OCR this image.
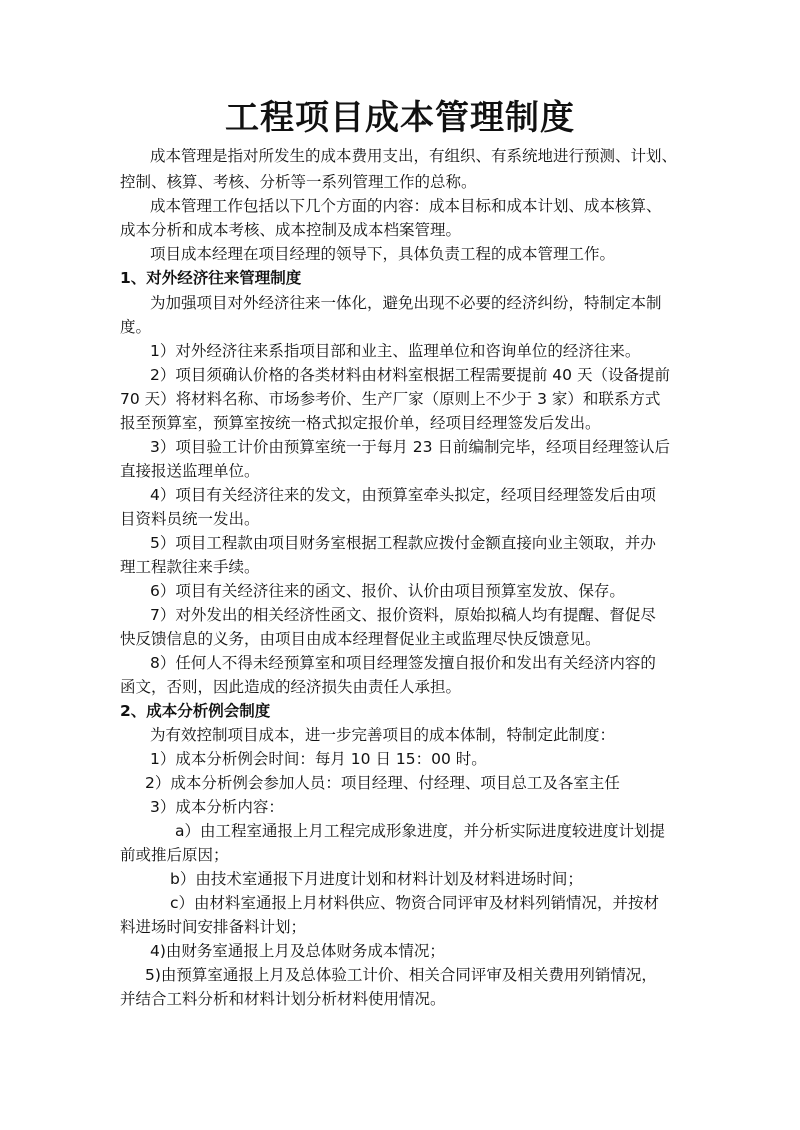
工程项目成本管理制度

成本管理是指对所发生的成本费用支出，有组织、有系统地进行预测、计划、

控制、核算、考核、分析等一系列管理工作的总称。

成本管理工作包括以下几个方面的内容：成本目标和成本计划、成本核算、

成本分析和成本考核、成本控制及成本档案管理。

项目成本经理在项目经理的领导下，具体负责工程的成本管理工作。

1、对外经济往来管理制度

为加强项目对外经济往来一体化，避免出现不必要的经济纠纷，特制定本制

度。

1）对外经济往来系指项目部和业主、监理单位和咨询单位的经济往来。

2）项目须确认价格的各类材料由材料室根据工程需要提前 40 天（设备提前

70 天）将材料名称、市场参考价、生产厂家（原则上不少于 3 家）和联系方式

报至预算室，预算室按统一格式拟定报价单，经项目经理签发后发出。

3）项目验工计价由预算室统一于每月 23 日前编制完毕，经项目经理签认后

直接报送监理单位。

4）项目有关经济往来的发文，由预算室牵头拟定，经项目经理签发后由项

目资料员统一发出。

5）项目工程款由项目财务室根据工程款应拨付金额直接向业主领取，并办

理工程款往来手续。

6）项目有关经济往来的函文、报价、认价由项目预算室发放、保存。

7）对外发出的相关经济性函文、报价资料，原始拟稿人均有提醒、督促尽

快反馈信息的义务，由项目由成本经理督促业主或监理尽快反馈意见。

8）任何人不得未经预算室和项目经理签发擅自报价和发出有关经济内容的

函文，否则，因此造成的经济损失由责任人承担。

2、成本分析例会制度

为有效控制项目成本，进一步完善项目的成本体制，特制定此制度：

1）成本分析例会时间：每月 10 日 15：00 时。

2）成本分析例会参加人员：项目经理、付经理、项目总工及各室主任

3）成本分析内容：

a）由工程室通报上月工程完成形象进度，并分析实际进度较进度计划提

前或推后原因；

b）由技术室通报下月进度计划和材料计划及材料进场时间；

c）由材料室通报上月材料供应、物资合同评审及材料列销情况，并按材

料进场时间安排备料计划；

4)由财务室通报上月及总体财务成本情况；

5)由预算室通报上月及总体验工计价、相关合同评审及相关费用列销情况，

并结合工料分析和材料计划分析材料使用情况。
